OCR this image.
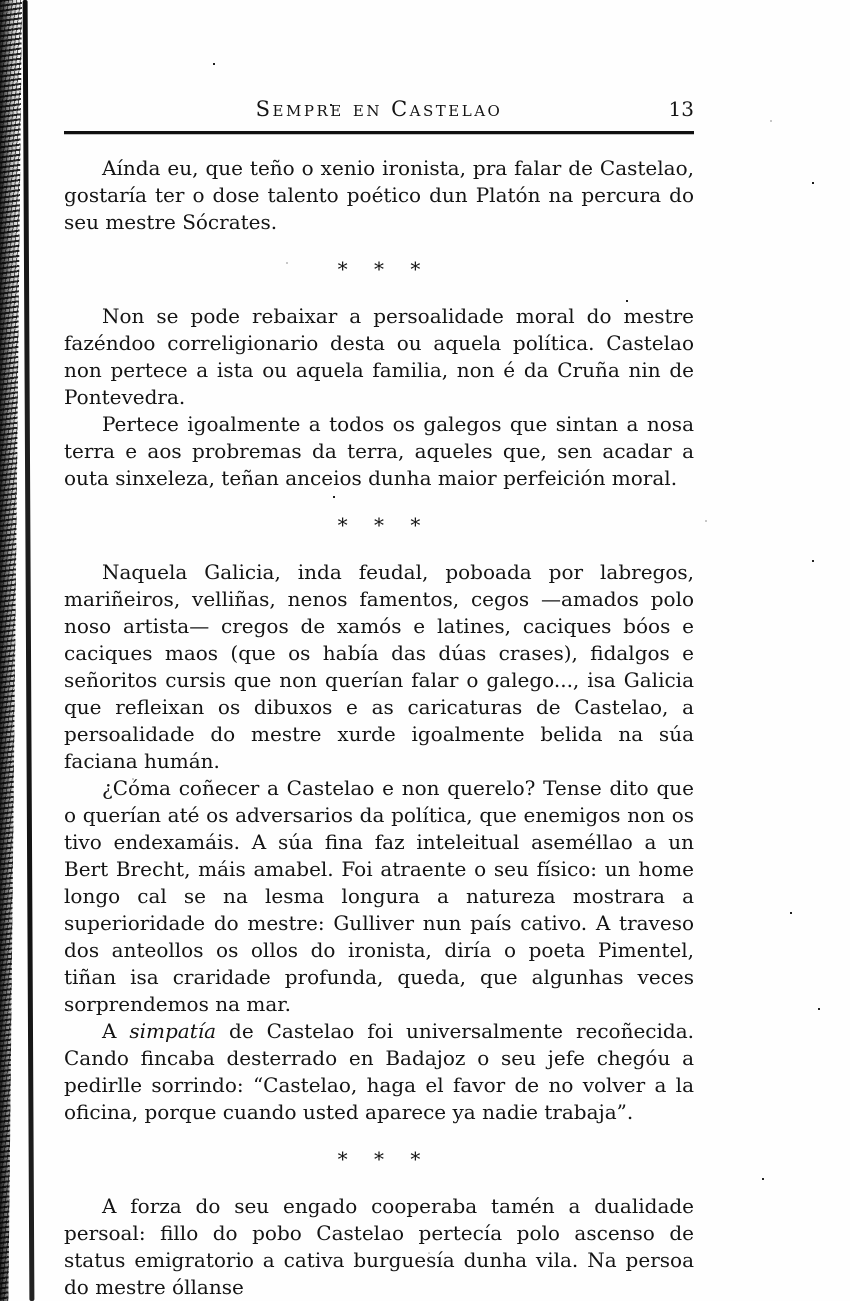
Sempre en Castelao	13

Aínda eu, que teño o xenio ironista, pra falar de Castelao, gostaría ter o dose talento poético dun Platón na percura do seu mestre Sócrates.

* * *

Non se pode rebaixar a persoalidade moral do mestre fazéndoo correligionario desta ou aquela política. Castelao non pertece a ista ou aquela familia, non é da Cruña nin de Pontevedra.

Pertece igoalmente a todos os galegos que sintan a nosa terra e aos probremas da terra, aqueles que, sen acadar a outa sinxeleza, teñan anceios dunha maior perfeición moral.

* * *

Naquela Galicia, inda feudal, poboada por labregos, mariñeiros, velliñas, nenos famentos, cegos —amados polo noso artista— cregos de xamós e latines, caciques bóos e caciques maos (que os había das dúas crases), fidalgos e señoritos cursis que non querían falar o galego..., isa Galicia que refleixan os dibuxos e as caricaturas de Castelao, a persoalidade do mestre xurde igoalmente belida na súa faciana humán.

¿Cóma coñecer a Castelao e non querelo? Tense dito que o querían até os adversarios da política, que enemigos non os tivo endexamáis. A súa fina faz inteleitual aseméllao a un Bert Brecht, máis amabel. Foi atraente o seu físico: un home longo cal se na lesma longura a natureza mostrara a superioridade do mestre: Gulliver nun país cativo. A traveso dos anteollos os ollos do ironista, diría o poeta Pimentel, tiñan isa craridade profunda, queda, que algunhas veces sorprendemos na mar.

A simpatía de Castelao foi universalmente recoñecida. Cando fincaba desterrado en Badajoz o seu jefe chegóu a pedirlle sorrindo: “Castelao, haga el favor de no volver a la oficina, porque cuando usted aparece ya nadie trabaja”.

* * *

A forza do seu engado cooperaba tamén a dualidade persoal: fillo do pobo Castelao pertecía polo ascenso de status emigratorio a cativa burguesía dunha vila. Na persoa do mestre óllanse
